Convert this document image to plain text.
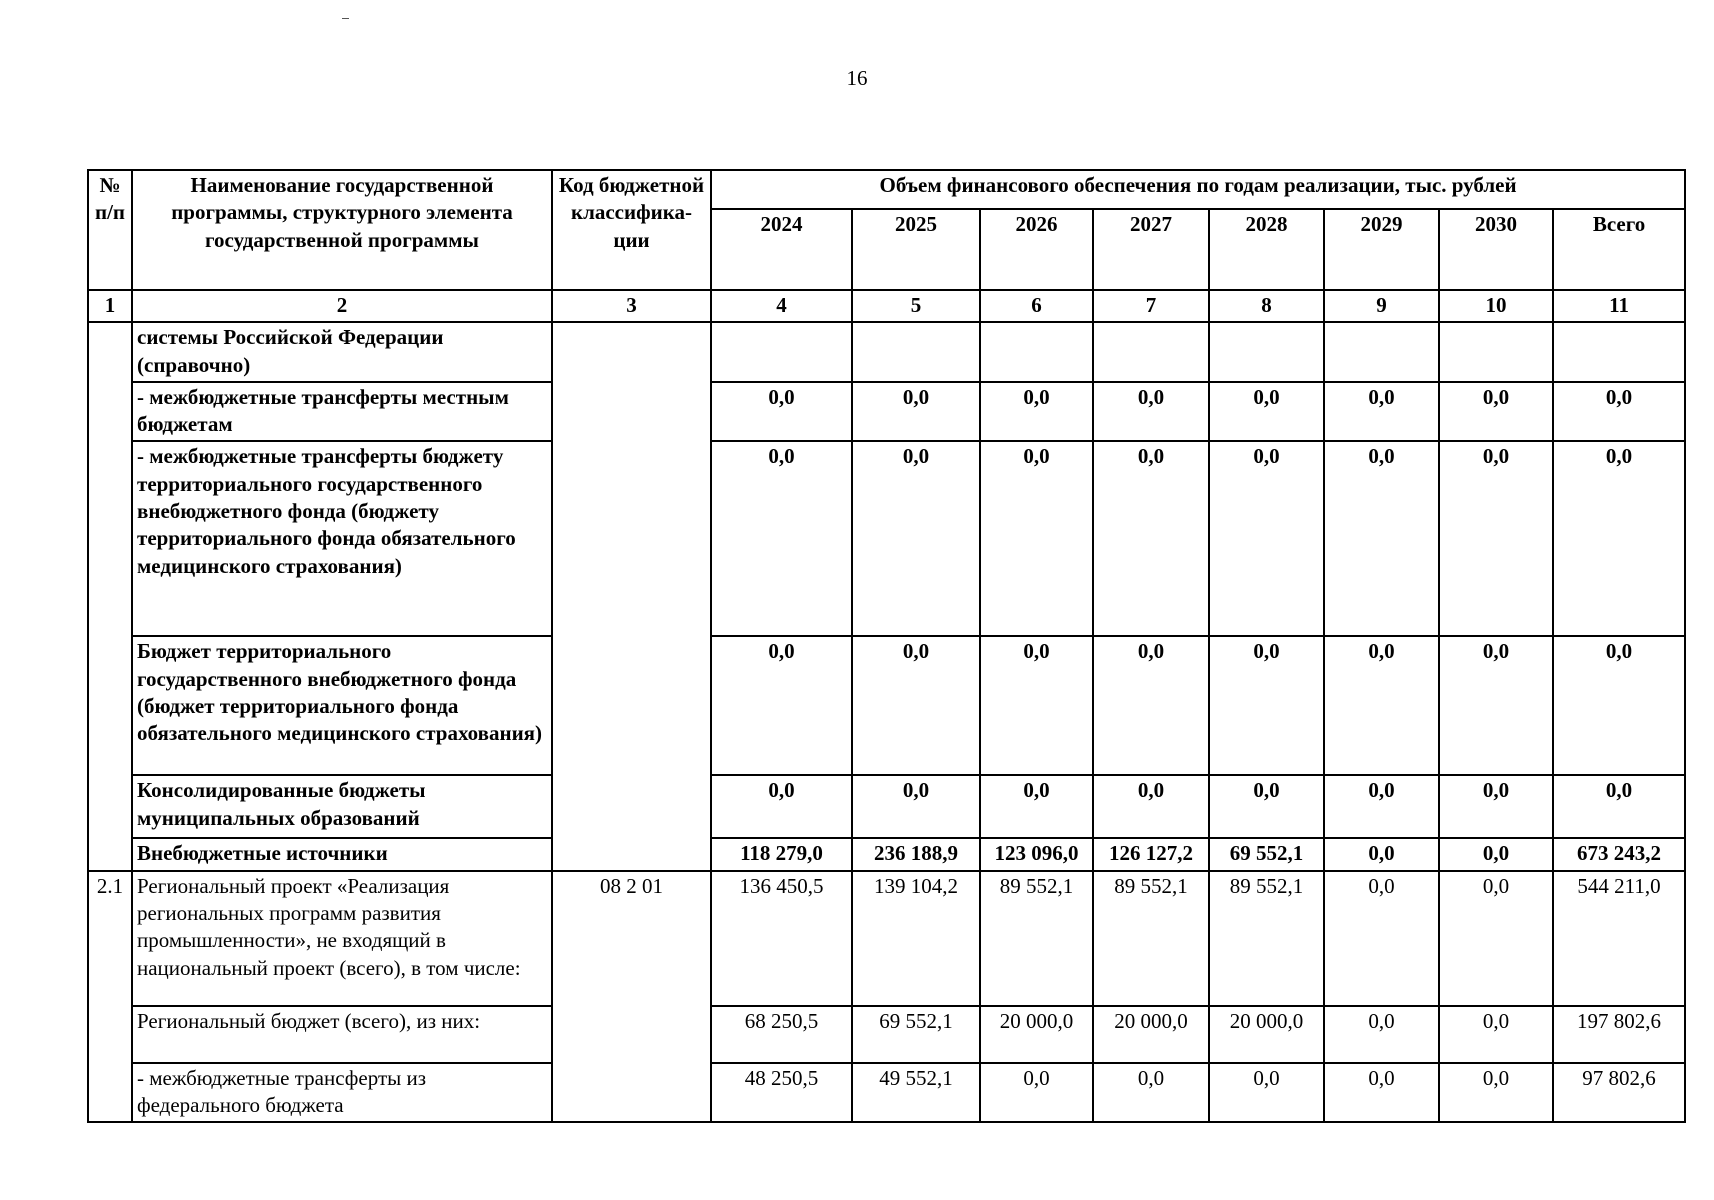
16
№ п/п	Наименование государственной программы, структурного элемента государственной программы	Код бюджетной классифика-ции	Объем финансового обеспечения по годам реализации, тыс. рублей							
			2024	2025	2026	2027	2028	2029	2030	Всего
1	2	3	4	5	6	7	8	9	10	11
	системы Российской Федерации (справочно)									
	- межбюджетные трансферты местным бюджетам		0,0	0,0	0,0	0,0	0,0	0,0	0,0	0,0
	- межбюджетные трансферты бюджету территориального государственного внебюджетного фонда (бюджету территориального фонда обязательного медицинского страхования)		0,0	0,0	0,0	0,0	0,0	0,0	0,0	0,0
	Бюджет территориального государственного внебюджетного фонда (бюджет территориального фонда обязательного медицинского страхования)		0,0	0,0	0,0	0,0	0,0	0,0	0,0	0,0
	Консолидированные бюджеты муниципальных образований		0,0	0,0	0,0	0,0	0,0	0,0	0,0	0,0
	Внебюджетные источники		118 279,0	236 188,9	123 096,0	126 127,2	69 552,1	0,0	0,0	673 243,2
2.1	Региональный проект «Реализация региональных программ развития промышленности», не входящий в национальный проект (всего), в том числе:	08 2 01	136 450,5	139 104,2	89 552,1	89 552,1	89 552,1	0,0	0,0	544 211,0
	Региональный бюджет (всего), из них:		68 250,5	69 552,1	20 000,0	20 000,0	20 000,0	0,0	0,0	197 802,6
	- межбюджетные трансферты из федерального бюджета		48 250,5	49 552,1	0,0	0,0	0,0	0,0	0,0	97 802,6
